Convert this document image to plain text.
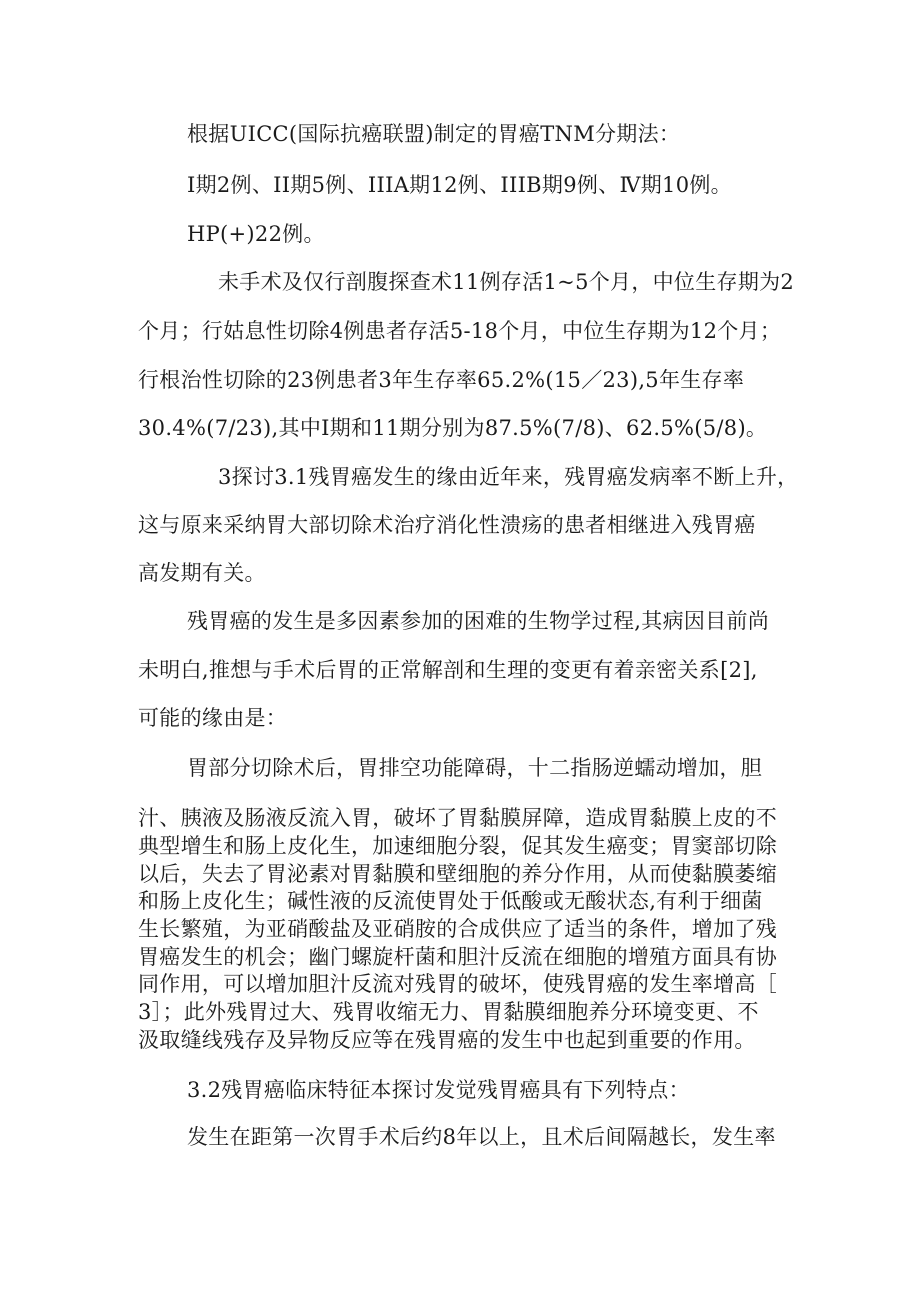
根据UICC(国际抗癌联盟)制定的胃癌TNM分期法：
I期2例、II期5例、IIIA期12例、IIIB期9例、Ⅳ期10例。
HP(+)22例。
未手术及仅行剖腹探查术11例存活1~5个月，中位生存期为2
个月；行姑息性切除4例患者存活5-18个月，中位生存期为12个月；
行根治性切除的23例患者3年生存率65.2%(15／23),5年生存率
30.4%(7/23),其中I期和11期分别为87.5%(7/8)、62.5%(5/8)。
3探讨3.1残胃癌发生的缘由近年来，残胃癌发病率不断上升，
这与原来采纳胃大部切除术治疗消化性溃疡的患者相继进入残胃癌
高发期有关。
残胃癌的发生是多因素参加的困难的生物学过程,其病因目前尚
未明白,推想与手术后胃的正常解剖和生理的变更有着亲密关系[2],
可能的缘由是：
胃部分切除术后，胃排空功能障碍，十二指肠逆蠕动增加，胆
汁、胰液及肠液反流入胃，破坏了胃黏膜屏障，造成胃黏膜上皮的不
典型增生和肠上皮化生，加速细胞分裂，促其发生癌变；胃窦部切除
以后，失去了胃泌素对胃黏膜和壁细胞的养分作用，从而使黏膜萎缩
和肠上皮化生；碱性液的反流使胃处于低酸或无酸状态,有利于细菌
生长繁殖，为亚硝酸盐及亚硝胺的合成供应了适当的条件，增加了残
胃癌发生的机会；幽门螺旋杆菌和胆汁反流在细胞的增殖方面具有协
同作用，可以增加胆汁反流对残胃的破坏，使残胃癌的发生率增高［
3］；此外残胃过大、残胃收缩无力、胃黏膜细胞养分环境变更、不
汲取缝线残存及异物反应等在残胃癌的发生中也起到重要的作用。
3.2残胃癌临床特征本探讨发觉残胃癌具有下列特点：
发生在距第一次胃手术后约8年以上，且术后间隔越长，发生率
